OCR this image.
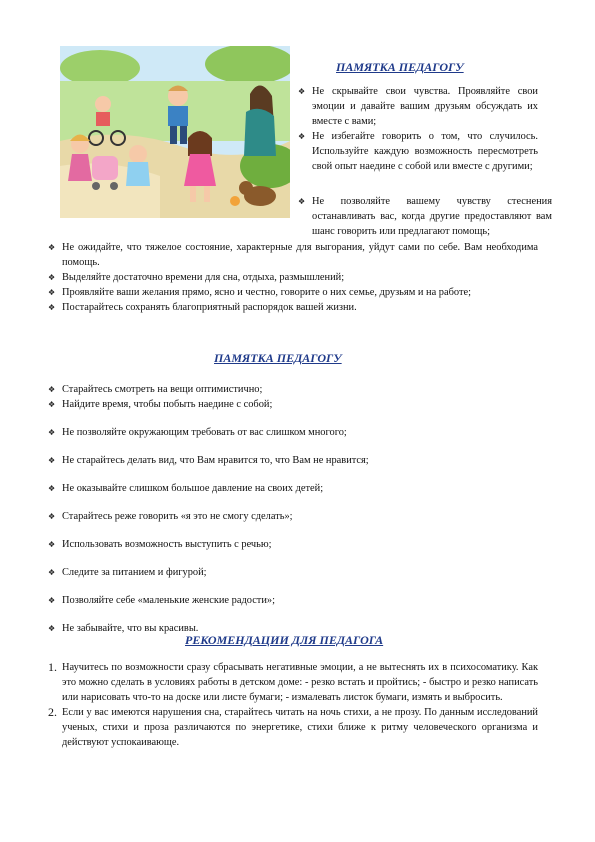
ПАМЯТКА ПЕДАГОГУ
❖ Не скрывайте свои чувства. Проявляйте свои эмоции и давайте вашим друзьям обсуждать их вместе с вами;
❖ Не избегайте говорить о том, что случилось. Используйте каждую возможность пересмотреть свой опыт наедине с собой или вместе с другими;
❖ Не позволяйте вашему чувству стеснения останавливать вас, когда другие предоставляют вам шанс говорить или предлагают помощь;
❖ Не ожидайте, что тяжелое состояние, характерные для выгорания, уйдут сами по себе. Вам необходима помощь.
❖ Выделяйте достаточно времени для сна, отдыха, размышлений;
❖ Проявляйте ваши желания прямо, ясно и честно, говорите о них семье, друзьям и на работе;
❖ Постарайтесь сохранять благоприятный распорядок вашей жизни.
ПАМЯТКА ПЕДАГОГУ
❖ Старайтесь смотреть на вещи оптимистично;
❖ Найдите время, чтобы побыть наедине с собой;
❖ Не позволяйте окружающим требовать от вас слишком многого;
❖ Не старайтесь делать вид, что Вам нравится то, что Вам не нравится;
❖ Не оказывайте слишком большое давление на своих детей;
❖ Старайтесь реже говорить «я это не смогу сделать»;
❖ Использовать возможность выступить с речью;
❖ Следите за питанием и фигурой;
❖ Позволяйте себе «маленькие женские радости»;
❖ Не забывайте, что вы красивы.
РЕКОМЕНДАЦИИ ДЛЯ ПЕДАГОГА
1. Научитесь по возможности сразу сбрасывать негативные эмоции, а не вытеснять их в психосоматику. Как это можно сделать в условиях работы в детском доме: - резко встать и пройтись; - быстро и резко написать или нарисовать что-то на доске или листе бумаги; - измалевать листок бумаги, измять и выбросить.
2. Если у вас имеются нарушения сна, старайтесь читать на ночь стихи, а не прозу. По данным исследований ученых, стихи и проза различаются по энергетике, стихи ближе к ритму человеческого организма и действуют успокаивающе.
